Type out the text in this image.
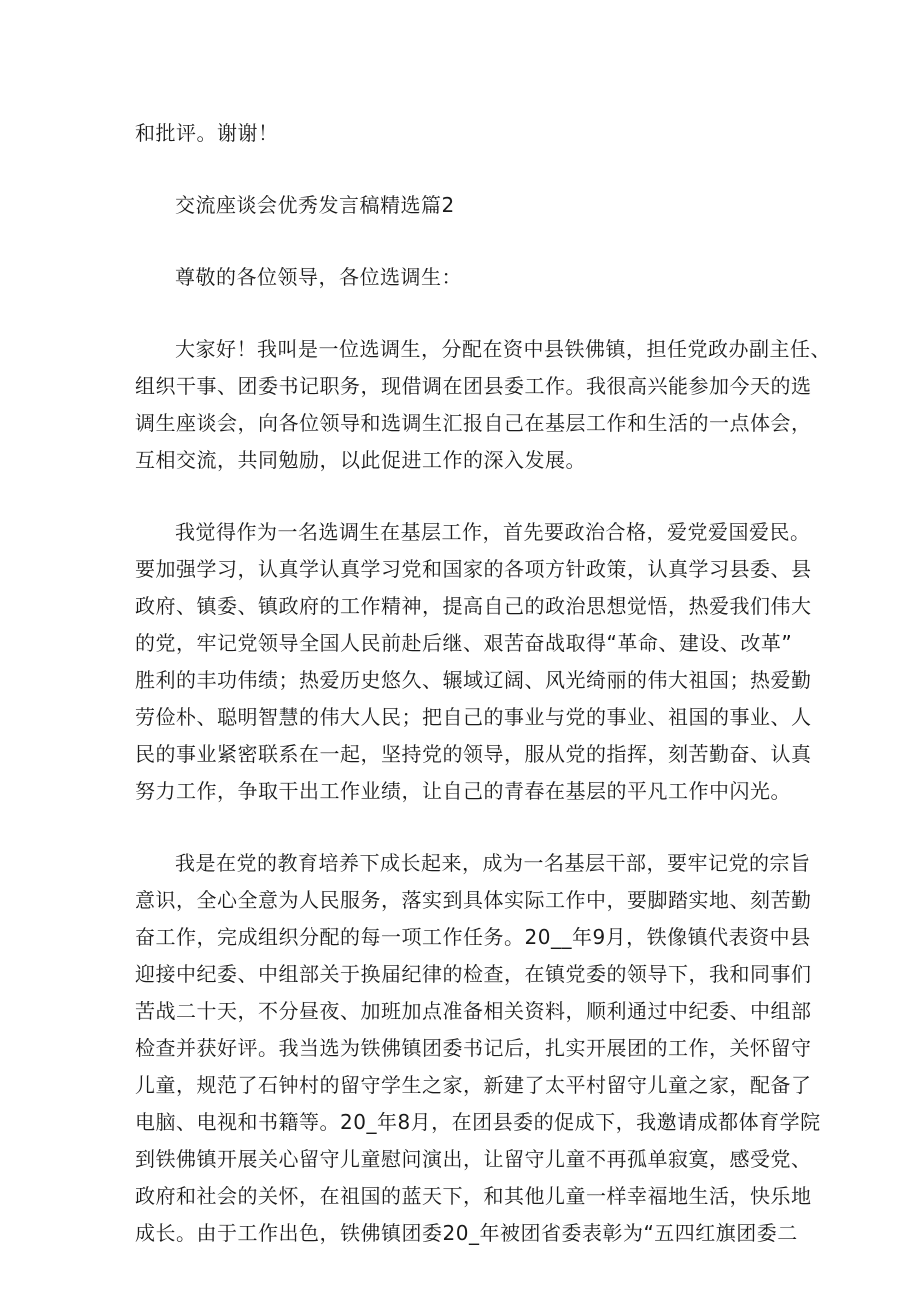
和批评。谢谢！
交流座谈会优秀发言稿精选篇2
尊敬的各位领导，各位选调生：
大家好！我叫是一位选调生，分配在资中县铁佛镇，担任党政办副主任、
组织干事、团委书记职务，现借调在团县委工作。我很高兴能参加今天的选
调生座谈会，向各位领导和选调生汇报自己在基层工作和生活的一点体会，
互相交流，共同勉励，以此促进工作的深入发展。
我觉得作为一名选调生在基层工作，首先要政治合格，爱党爱国爱民。
要加强学习，认真学认真学习党和国家的各项方针政策，认真学习县委、县
政府、镇委、镇政府的工作精神，提高自己的政治思想觉悟，热爱我们伟大
的党，牢记党领导全国人民前赴后继、艰苦奋战取得“革命、建设、改革”
胜利的丰功伟绩；热爱历史悠久、辗域辽阔、风光绮丽的伟大祖国；热爱勤
劳俭朴、聪明智慧的伟大人民；把自己的事业与党的事业、祖国的事业、人
民的事业紧密联系在一起，坚持党的领导，服从党的指挥，刻苦勤奋、认真
努力工作，争取干出工作业绩，让自己的青春在基层的平凡工作中闪光。
我是在党的教育培养下成长起来，成为一名基层干部，要牢记党的宗旨
意识，全心全意为人民服务，落实到具体实际工作中，要脚踏实地、刻苦勤
奋工作，完成组织分配的每一项工作任务。20__年9月，铁像镇代表资中县
迎接中纪委、中组部关于换届纪律的检查，在镇党委的领导下，我和同事们
苦战二十天，不分昼夜、加班加点准备相关资料，顺利通过中纪委、中组部
检查并获好评。我当选为铁佛镇团委书记后，扎实开展团的工作，关怀留守
儿童，规范了石钟村的留守学生之家，新建了太平村留守儿童之家，配备了
电脑、电视和书籍等。20_年8月，在团县委的促成下，我邀请成都体育学院
到铁佛镇开展关心留守儿童慰问演出，让留守儿童不再孤单寂寞，感受党、
政府和社会的关怀，在祖国的蓝天下，和其他儿童一样幸福地生活，快乐地
成长。由于工作出色，铁佛镇团委20_年被团省委表彰为“五四红旗团委二
